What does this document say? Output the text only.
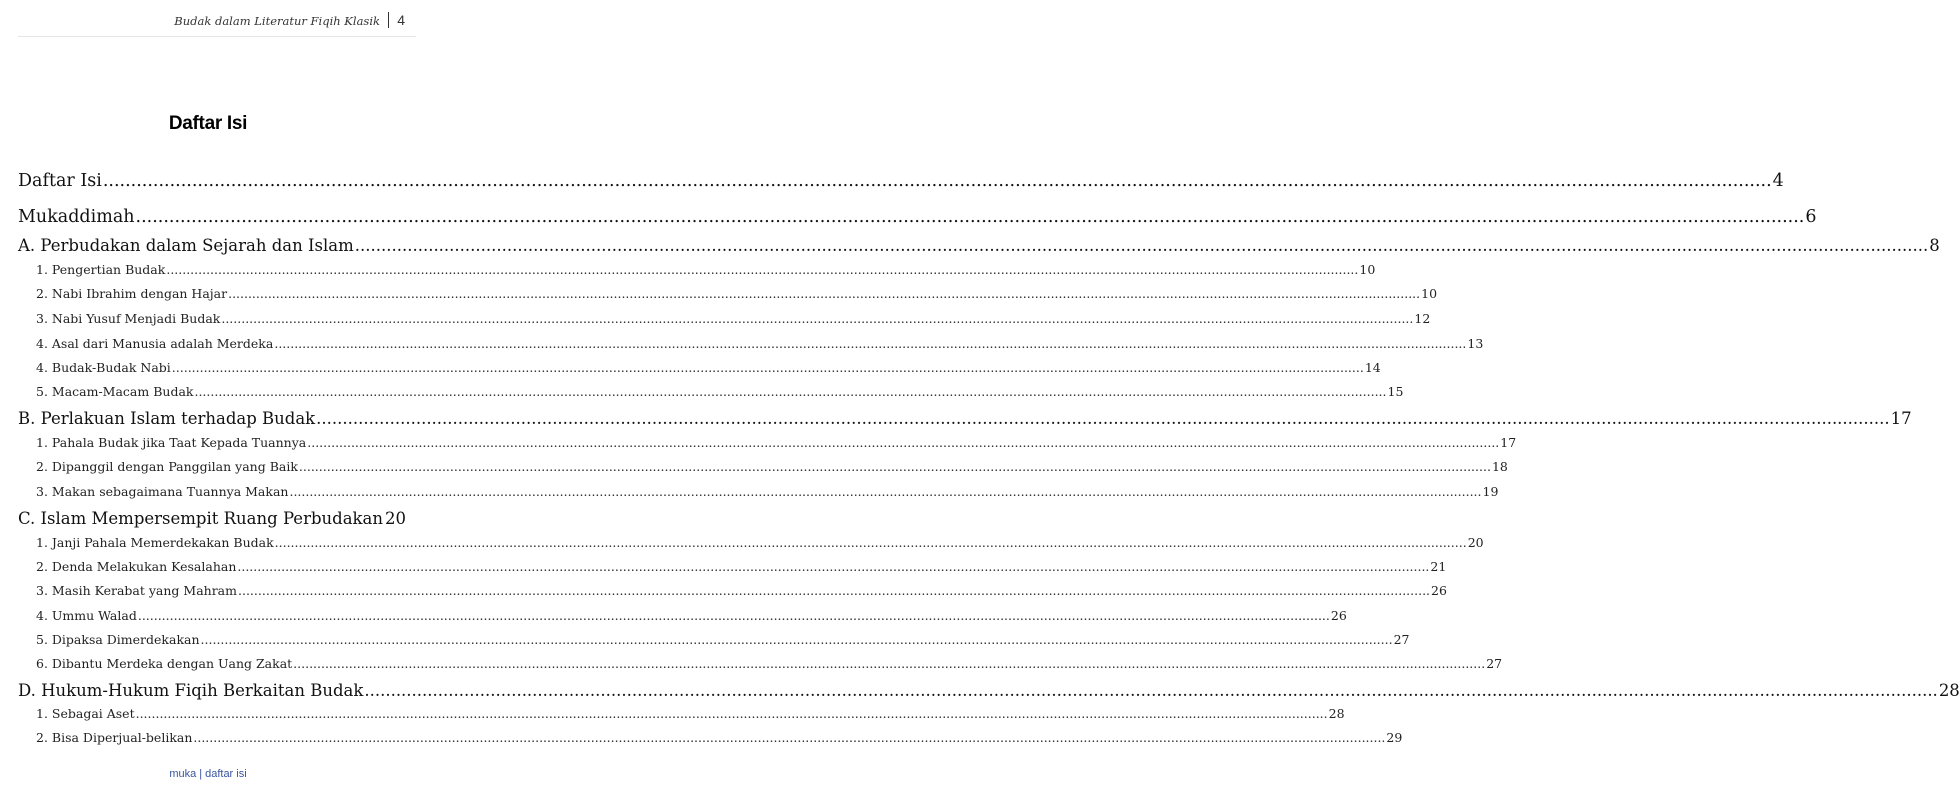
Budak dalam Literatur Fiqih Klasik 4
Daftar Isi
Daftar Isi ............................................................................................................................................................................................................................................................................................................ 4
Mukaddimah ............................................................................................................................................................................................................................................................................................................ 6
A. Perbudakan dalam Sejarah dan Islam ............................................................................................................................................................................................................................................................................................................ 8
1. Pengertian Budak ............................................................................................................................................................................................................................................................................................................ 10
2. Nabi Ibrahim dengan Hajar ............................................................................................................................................................................................................................................................................................................ 10
3. Nabi Yusuf Menjadi Budak ............................................................................................................................................................................................................................................................................................................ 12
4. Asal dari Manusia adalah Merdeka ............................................................................................................................................................................................................................................................................................................ 13
4. Budak-Budak Nabi ............................................................................................................................................................................................................................................................................................................ 14
5. Macam-Macam Budak ............................................................................................................................................................................................................................................................................................................ 15
B. Perlakuan Islam terhadap Budak ............................................................................................................................................................................................................................................................................................................ 17
1. Pahala Budak jika Taat Kepada Tuannya ............................................................................................................................................................................................................................................................................................................ 17
2. Dipanggil dengan Panggilan yang Baik ............................................................................................................................................................................................................................................................................................................ 18
3. Makan sebagaimana Tuannya Makan ............................................................................................................................................................................................................................................................................................................ 19
C. Islam Mempersempit Ruang Perbudakan 20
1. Janji Pahala Memerdekakan Budak ............................................................................................................................................................................................................................................................................................................ 20
2. Denda Melakukan Kesalahan ............................................................................................................................................................................................................................................................................................................ 21
3. Masih Kerabat yang Mahram ............................................................................................................................................................................................................................................................................................................ 26
4. Ummu Walad ............................................................................................................................................................................................................................................................................................................ 26
5. Dipaksa Dimerdekakan ............................................................................................................................................................................................................................................................................................................ 27
6. Dibantu Merdeka dengan Uang Zakat ............................................................................................................................................................................................................................................................................................................ 27
D. Hukum-Hukum Fiqih Berkaitan Budak ............................................................................................................................................................................................................................................................................................................ 28
1. Sebagai Aset ............................................................................................................................................................................................................................................................................................................ 28
2. Bisa Diperjual-belikan ............................................................................................................................................................................................................................................................................................................ 29
muka | daftar isi
